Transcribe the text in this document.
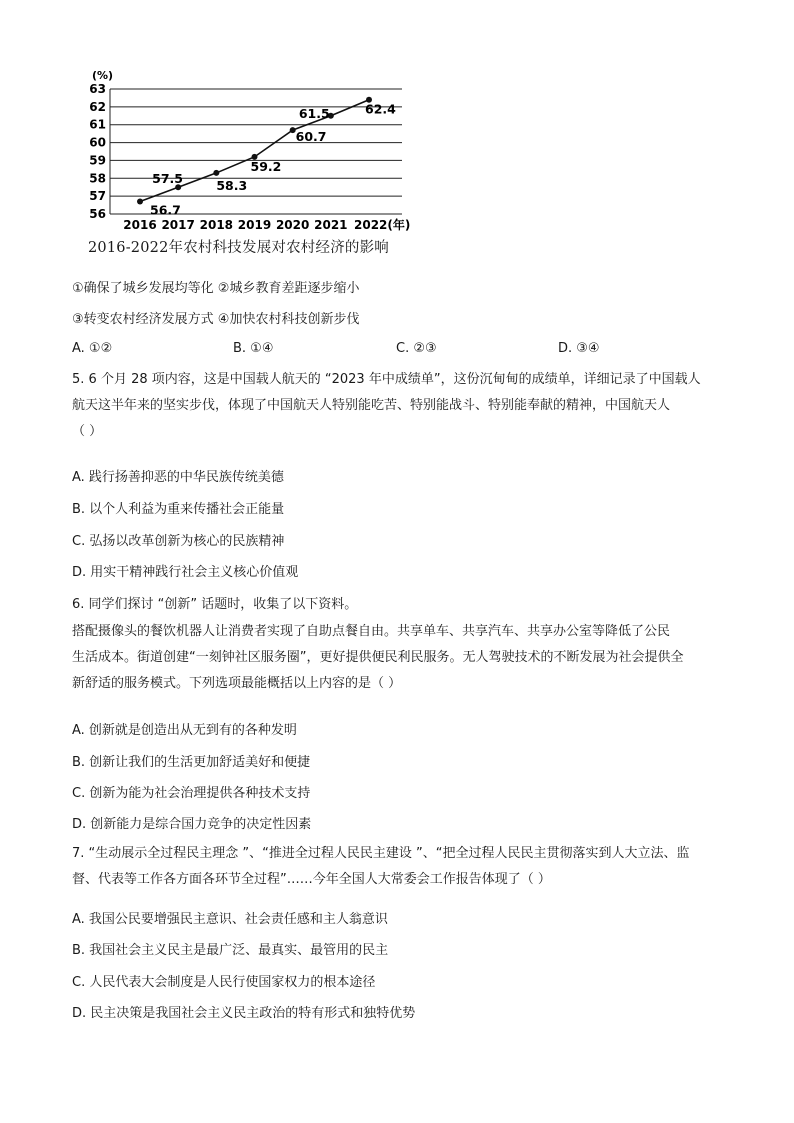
56
57
58
59
60
61
62
63
2016 2017 2018 2019 2020 2021 2022(年)
56.7
57.5	58.3
59.2
60.7
61.5	62.4
(%)
2016-2022年农村科技发展对农村经济的影响
①确保了城乡发展均等化 ②城乡教育差距逐步缩小
③转变农村经济发展方式 ④加快农村科技创新步伐
A. ①②	B. ①④	C. ②③	D. ③④
5. 6 个月 28 项内容，这是中国载人航天的 “2023 年中成绩单”，这份沉甸甸的成绩单，详细记录了中国载人
航天这半年来的坚实步伐，体现了中国航天人特别能吃苦、特别能战斗、特别能奉献的精神，中国航天人
（ ）
A. 践行扬善抑恶的中华民族传统美德
B. 以个人利益为重来传播社会正能量
C. 弘扬以改革创新为核心的民族精神
D. 用实干精神践行社会主义核心价值观
6. 同学们探讨 “创新” 话题时，收集了以下资料。
搭配摄像头的餐饮机器人让消费者实现了自助点餐自由。共享单车、共享汽车、共享办公室等降低了公民
生活成本。街道创建“一刻钟社区服务圈”，更好提供便民利民服务。无人驾驶技术的不断发展为社会提供全
新舒适的服务模式。下列选项最能概括以上内容的是（ ）
A. 创新就是创造出从无到有的各种发明
B. 创新让我们的生活更加舒适美好和便捷
C. 创新为能为社会治理提供各种技术支持
D. 创新能力是综合国力竞争的决定性因素
7. “生动展示全过程民主理念 ”、“推进全过程人民民主建设 ”、“把全过程人民民主贯彻落实到人大立法、监
督、代表等工作各方面各环节全过程”……今年全国人大常委会工作报告体现了（ ）
A. 我国公民要增强民主意识、社会责任感和主人翁意识
B. 我国社会主义民主是最广泛、最真实、最管用的民主
C. 人民代表大会制度是人民行使国家权力的根本途径
D. 民主决策是我国社会主义民主政治的特有形式和独特优势
